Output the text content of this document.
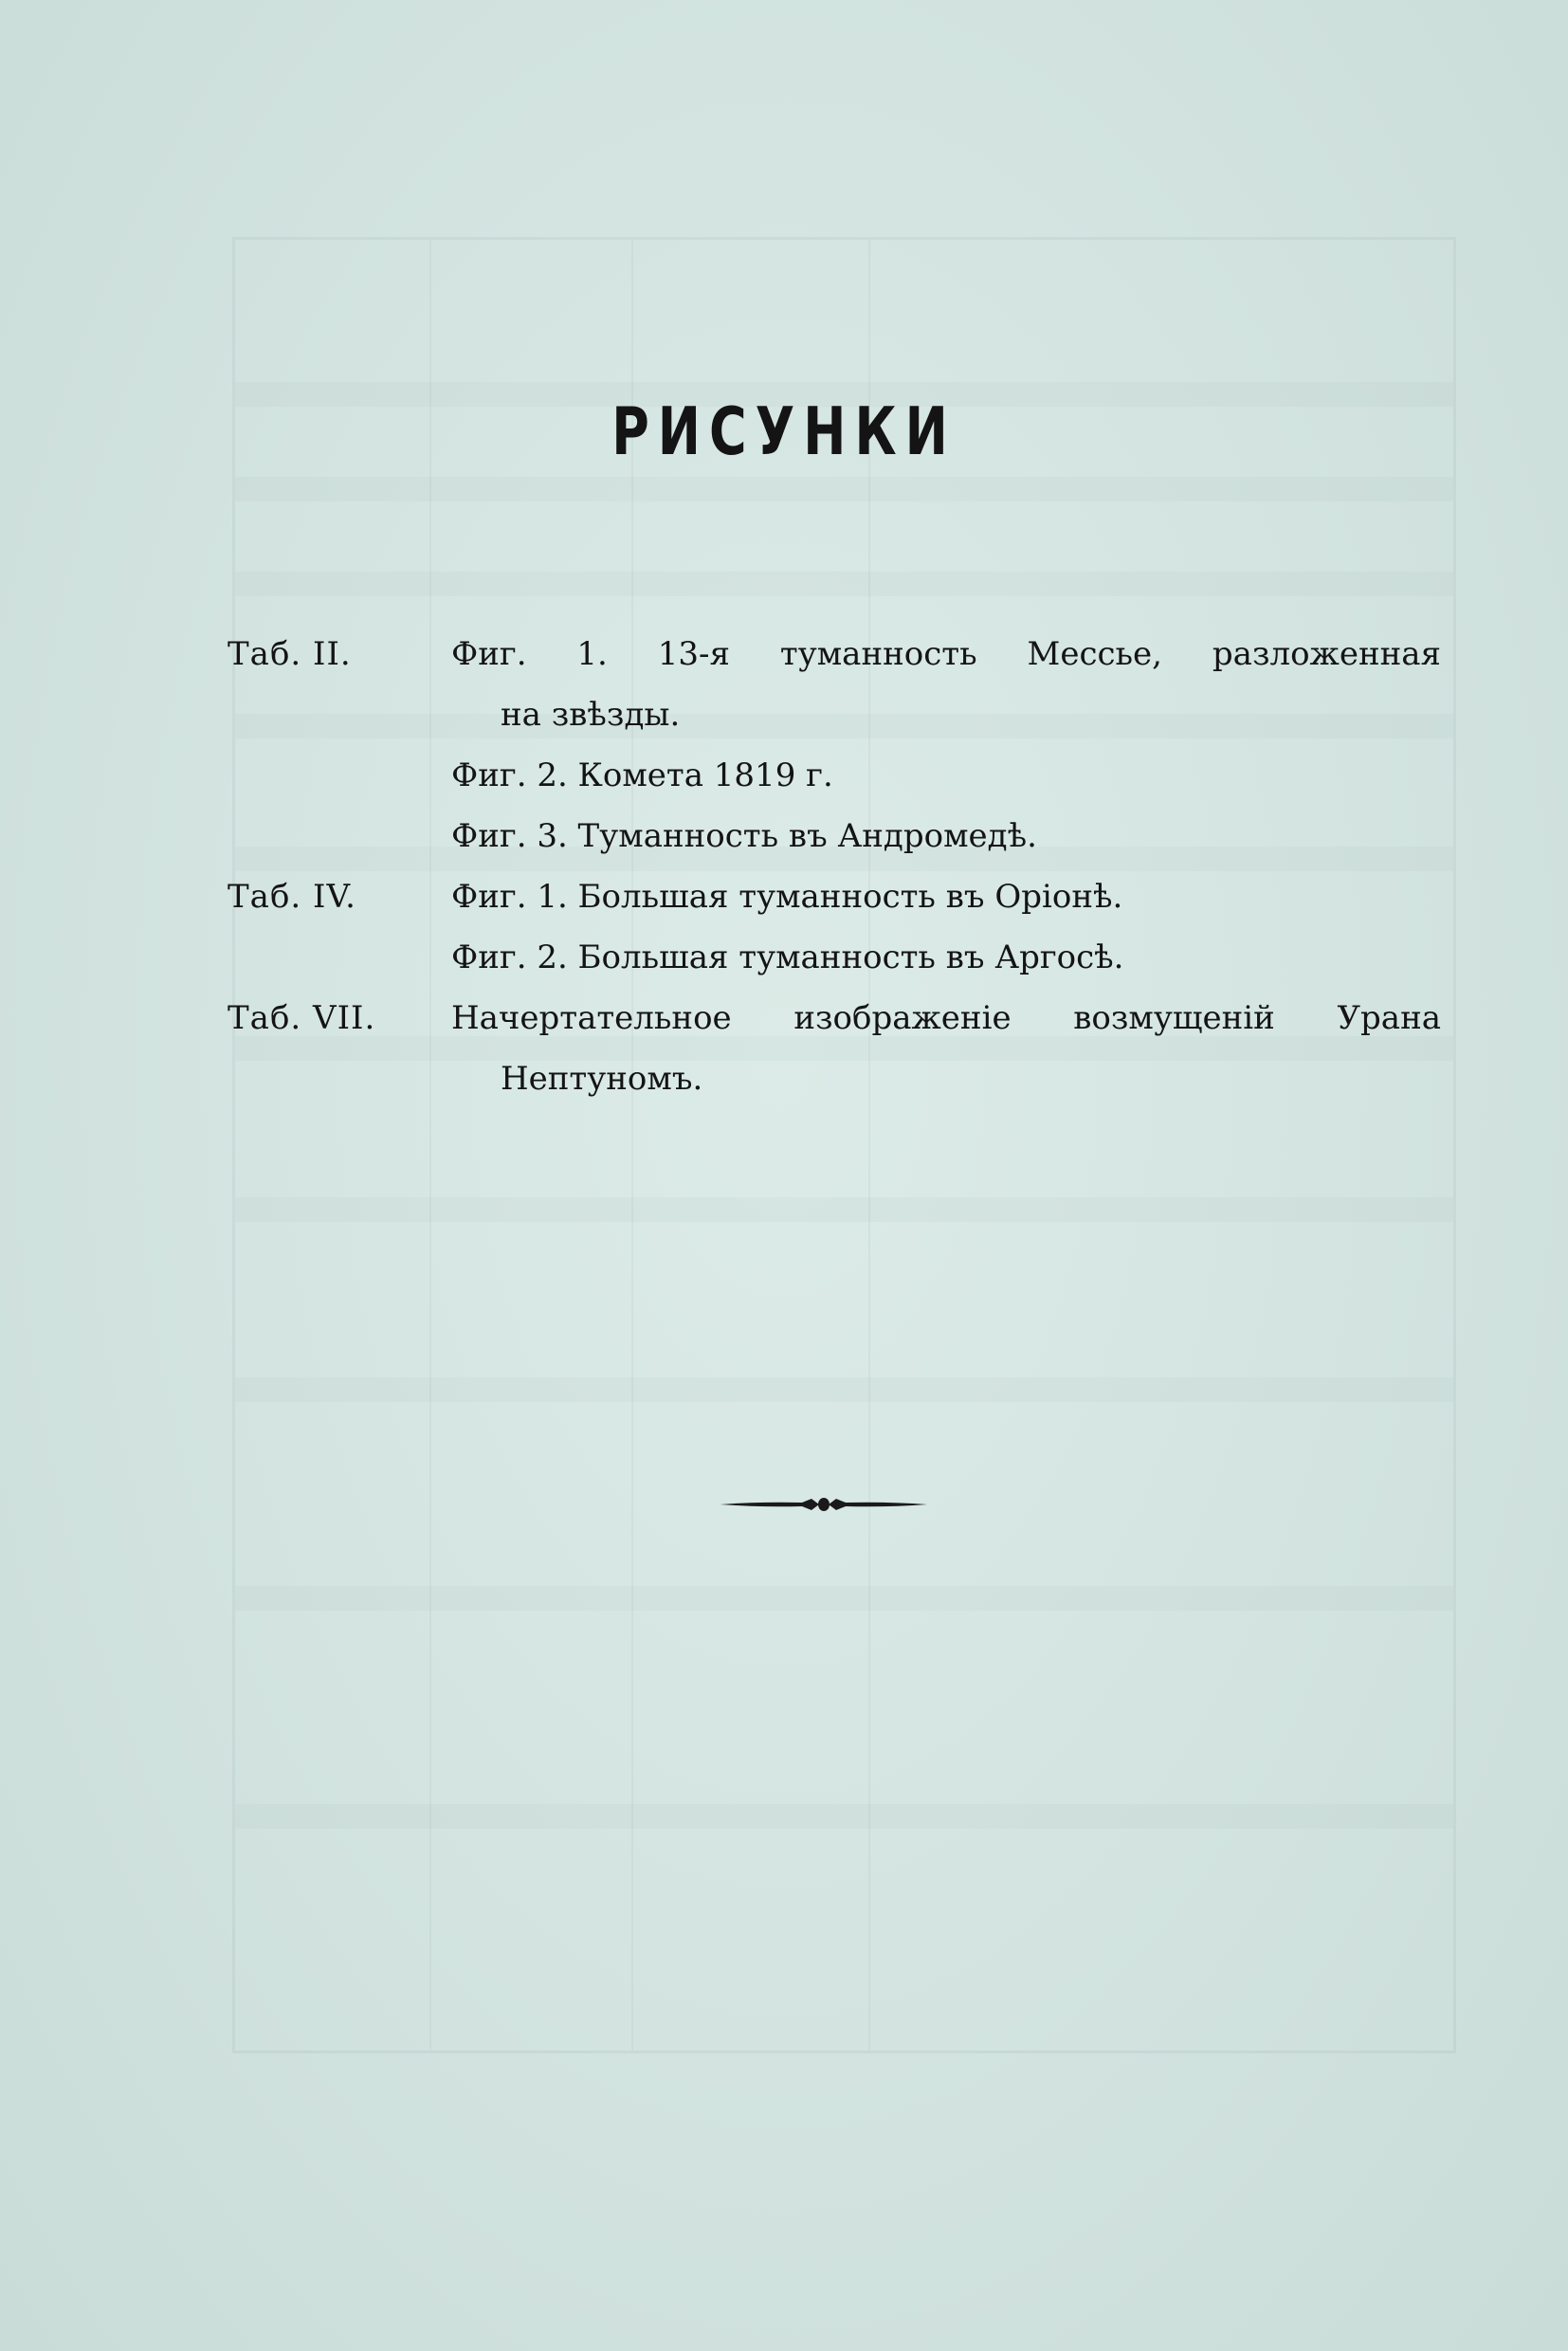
РИСУНКИ
Таб. II.	Фиг. 1. 13-я туманность Мессье, разложенная
на звѣзды.
Фиг. 2. Комета 1819 г.
Фиг. 3. Туманность въ Андромедѣ.
Таб. IV.	Фиг. 1. Большая туманность въ Оріонѣ.
Фиг. 2. Большая туманность въ Аргосѣ.
Таб. VII. Начертательное изображеніе возмущеній Урана
Нептуномъ.
